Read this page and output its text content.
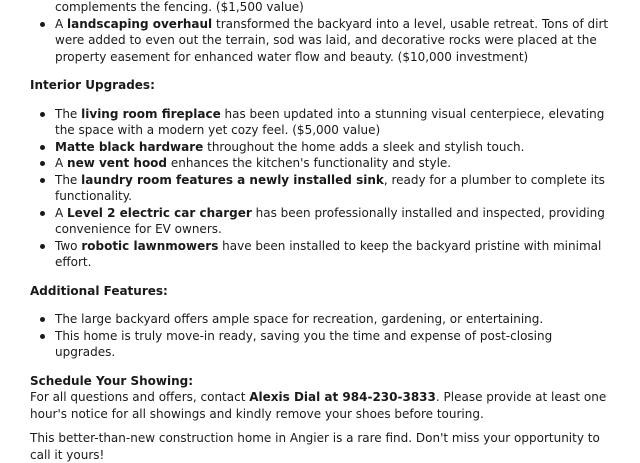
complements the fencing. ($1,500 value)
A landscaping overhaul transformed the backyard into a level, usable retreat. Tons of dirt were added to even out the terrain, sod was laid, and decorative rocks were placed at the property easement for enhanced water flow and beauty. ($10,000 investment)

Interior Upgrades:

The living room fireplace has been updated into a stunning visual centerpiece, elevating the space with a modern yet cozy feel. ($5,000 value)
Matte black hardware throughout the home adds a sleek and stylish touch.
A new vent hood enhances the kitchen's functionality and style.
The laundry room features a newly installed sink, ready for a plumber to complete its functionality.
A Level 2 electric car charger has been professionally installed and inspected, providing convenience for EV owners.
Two robotic lawnmowers have been installed to keep the backyard pristine with minimal effort.

Additional Features:

The large backyard offers ample space for recreation, gardening, or entertaining.
This home is truly move-in ready, saving you the time and expense of post-closing upgrades.

Schedule Your Showing:

For all questions and offers, contact Alexis Dial at 984-230-3833. Please provide at least one hour's notice for all showings and kindly remove your shoes before touring.

This better-than-new construction home in Angier is a rare find. Don't miss your opportunity to call it yours!
